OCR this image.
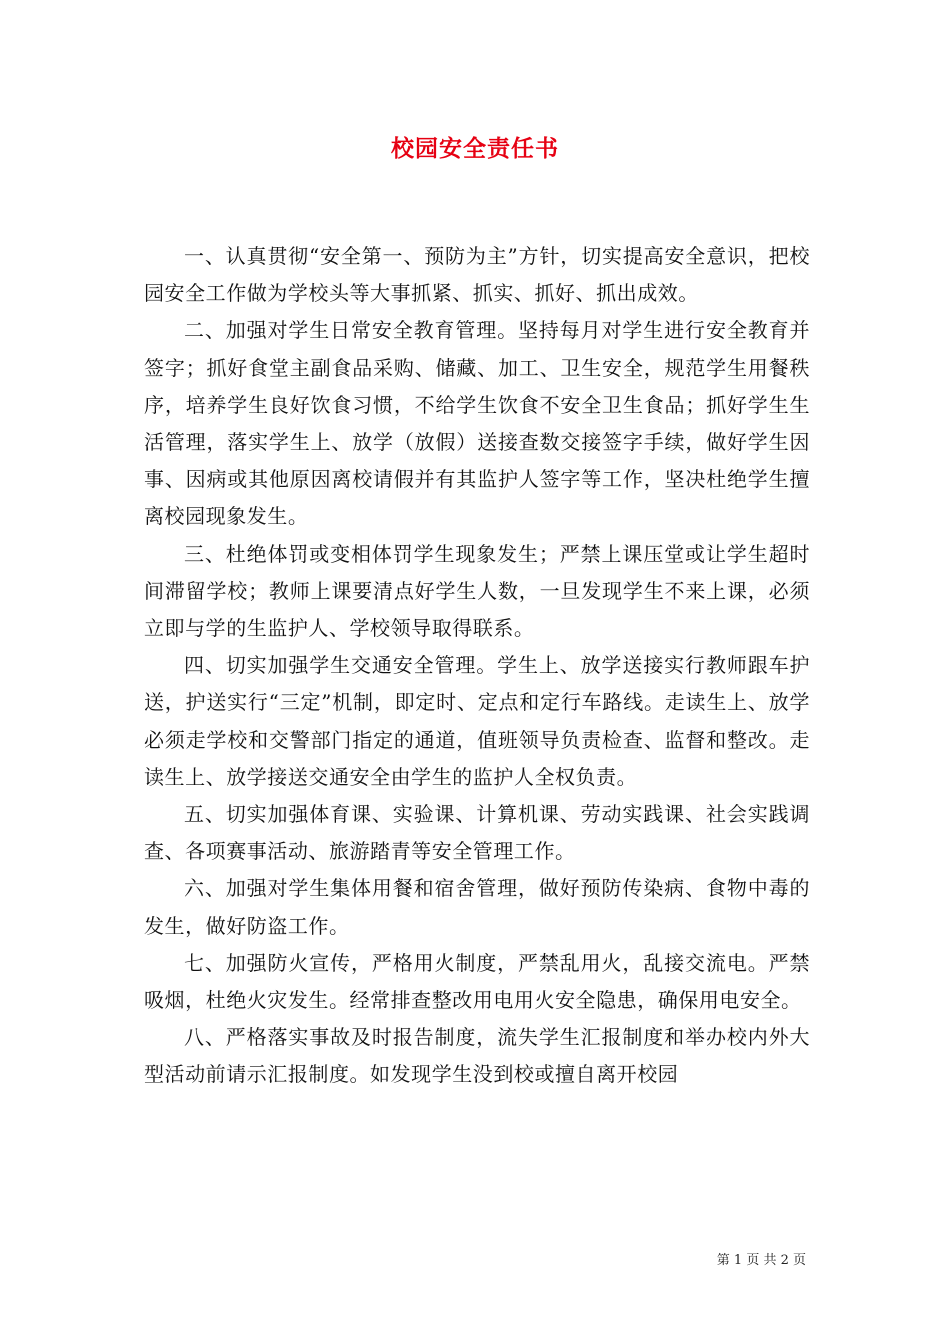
校园安全责任书

一、认真贯彻“安全第一、预防为主”方针，切实提高安全意识，把校园安全工作做为学校头等大事抓紧、抓实、抓好、抓出成效。

二、加强对学生日常安全教育管理。坚持每月对学生进行安全教育并签字；抓好食堂主副食品采购、储藏、加工、卫生安全，规范学生用餐秩序，培养学生良好饮食习惯，不给学生饮食不安全卫生食品；抓好学生生活管理，落实学生上、放学（放假）送接查数交接签字手续，做好学生因事、因病或其他原因离校请假并有其监护人签字等工作，坚决杜绝学生擅离校园现象发生。

三、杜绝体罚或变相体罚学生现象发生；严禁上课压堂或让学生超时间滞留学校；教师上课要清点好学生人数，一旦发现学生不来上课，必须立即与学的生监护人、学校领导取得联系。

四、切实加强学生交通安全管理。学生上、放学送接实行教师跟车护送，护送实行“三定”机制，即定时、定点和定行车路线。走读生上、放学必须走学校和交警部门指定的通道，值班领导负责检查、监督和整改。走读生上、放学接送交通安全由学生的监护人全权负责。

五、切实加强体育课、实验课、计算机课、劳动实践课、社会实践调查、各项赛事活动、旅游踏青等安全管理工作。

六、加强对学生集体用餐和宿舍管理，做好预防传染病、食物中毒的发生，做好防盗工作。

七、加强防火宣传，严格用火制度，严禁乱用火，乱接交流电。严禁吸烟，杜绝火灾发生。经常排查整改用电用火安全隐患，确保用电安全。

八、严格落实事故及时报告制度，流失学生汇报制度和举办校内外大型活动前请示汇报制度。如发现学生没到校或擅自离开校园

第 1 页 共 2 页
